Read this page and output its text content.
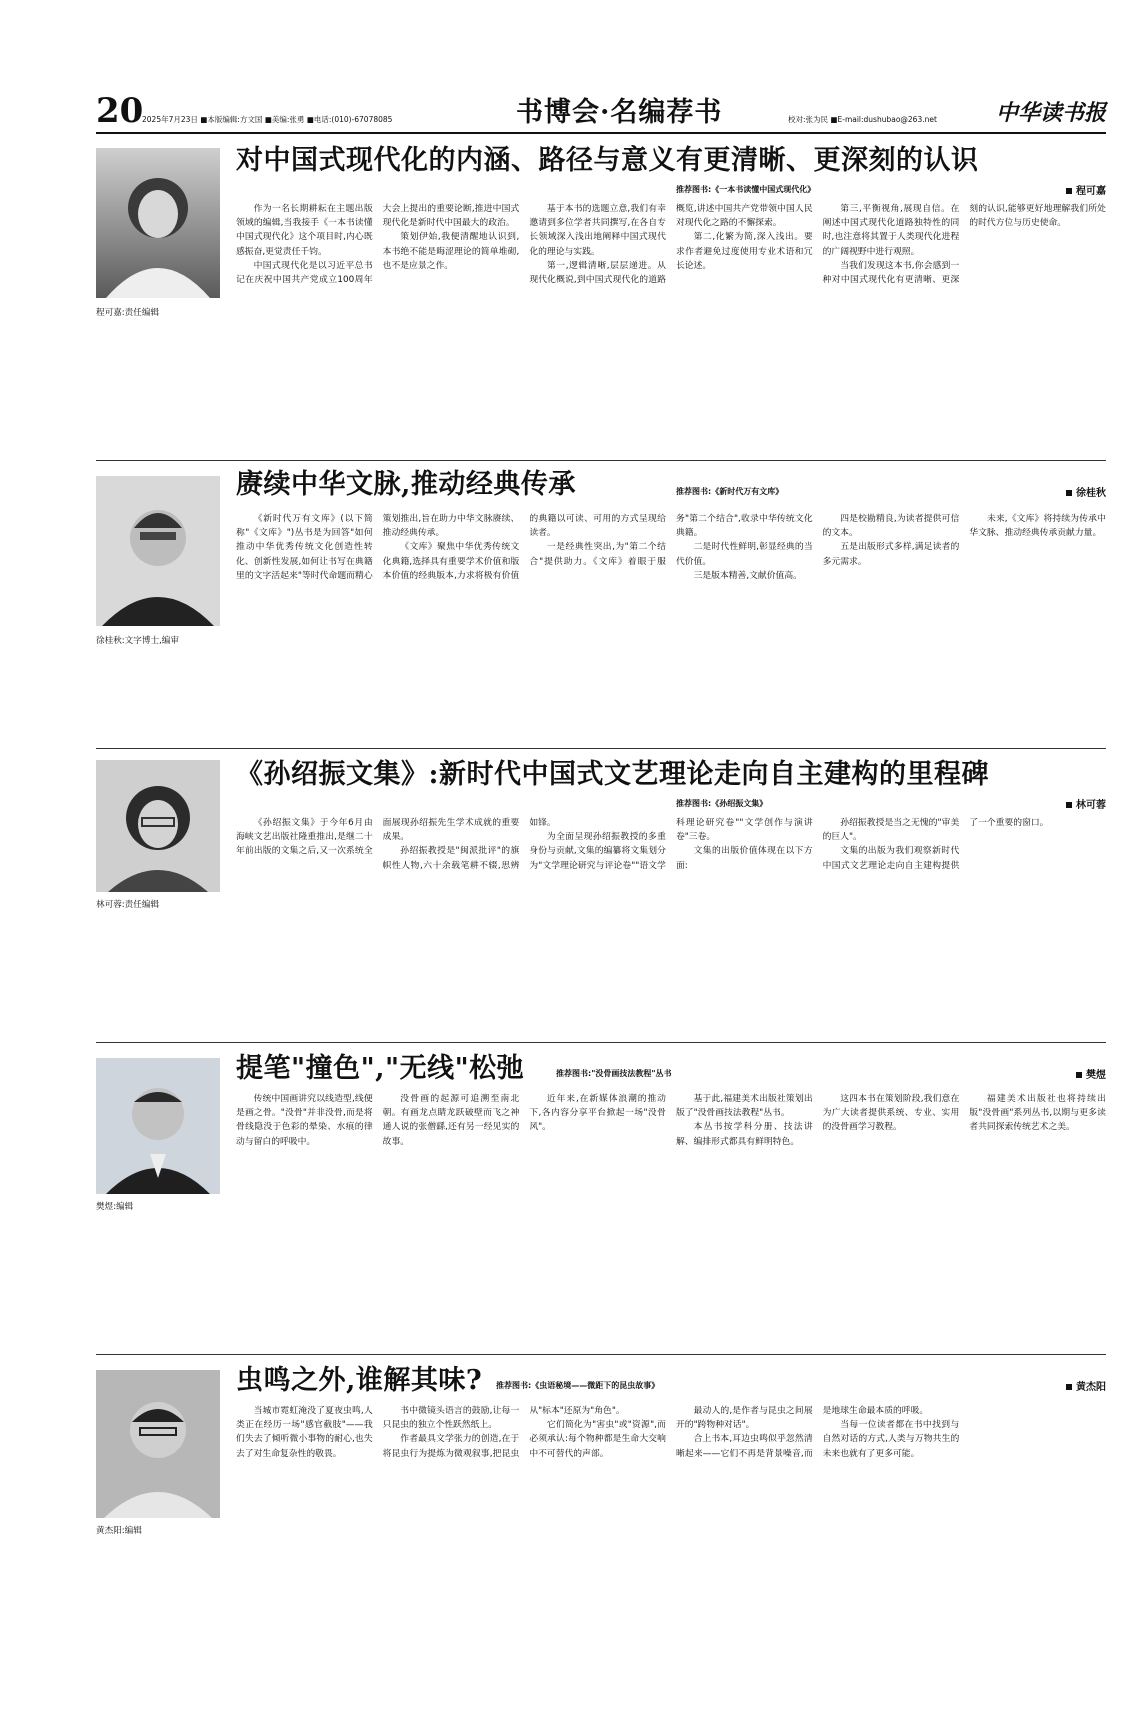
20
2025年7月23日 ■本版编辑:方文国 ■美编:张勇 ■电话:(010)-67078085	书博会·名编荐书	校对:张为民 ■E-mail:dushubao@263.net	中华读书报
程可嘉:责任编辑
对中国式现代化的内涵、路径与意义有更清晰、更深刻的认识
推荐图书:《一本书读懂中国式现代化》	程可嘉

作为一名长期耕耘在主题出版领域的编辑,当我接手《一本书读懂中国式现代化》这个项目时,内心既感振奋,更觉责任千钧。

中国式现代化是以习近平总书记在庆祝中国共产党成立100周年大会上提出的重要论断,推进中国式现代化是新时代中国最大的政治。

策划伊始,我便清醒地认识到,本书绝不能是晦涩理论的简单堆砌,也不是应景之作。

基于本书的选题立意,我们有幸邀请到多位学者共同撰写,在各自专长领域深入浅出地阐释中国式现代化的理论与实践。

第一,逻辑清晰,层层递进。从现代化概说,到中国式现代化的道路概览,讲述中国共产党带领中国人民对现代化之路的不懈探索。

第二,化繁为简,深入浅出。要求作者避免过度使用专业术语和冗长论述。

第三,平衡视角,展现自信。在阐述中国式现代化道路独特性的同时,也注意将其置于人类现代化进程的广阔视野中进行观照。

当我们发现这本书,你会感到一种对中国式现代化有更清晰、更深刻的认识,能够更好地理解我们所处的时代方位与历史使命。

徐桂秋:文字博士,编审
赓续中华文脉,推动经典传承	推荐图书:《新时代万有文库》	徐桂秋

《新时代万有文库》(以下简称"《文库》")丛书是为回答"如何推动中华优秀传统文化创造性转化、创新性发展,如何让书写在典籍里的文字活起来"等时代命题而精心策划推出,旨在助力中华文脉赓续、推动经典传承。

《文库》聚焦中华优秀传统文化典籍,选择具有重要学术价值和版本价值的经典版本,力求将极有价值的典籍以可读、可用的方式呈现给读者。

一是经典性突出,为"第二个结合"提供助力。《文库》着眼于服务"第二个结合",收录中华传统文化典籍。

二是时代性鲜明,彰显经典的当代价值。

三是版本精善,文献价值高。

四是校勘精良,为读者提供可信的文本。

五是出版形式多样,满足读者的多元需求。

未来,《文库》将持续为传承中华文脉、推动经典传承贡献力量。

林可蓉:责任编辑
《孙绍振文集》:新时代中国式文艺理论走向自主建构的里程碑
推荐图书:《孙绍振文集》	林可蓉

《孙绍振文集》于今年6月由海峡文艺出版社隆重推出,是继二十年前出版的文集之后,又一次系统全面展现孙绍振先生学术成就的重要成果。

孙绍振教授是"闽派批评"的旗帜性人物,六十余载笔耕不辍,思辨如锋。

为全面呈现孙绍振教授的多重身份与贡献,文集的编纂将文集划分为"文学理论研究与评论卷""语文学科理论研究卷""文学创作与演讲卷"三卷。

文集的出版价值体现在以下方面:

孙绍振教授是当之无愧的"审美的巨人"。

文集的出版为我们观察新时代中国式文艺理论走向自主建构提供了一个重要的窗口。

樊煜:编辑
提笔"撞色","无线"松弛	推荐图书:"没骨画技法教程"丛书	樊煜

传统中国画讲究以线造型,线便是画之骨。"没骨"并非没骨,而是将骨线隐没于色彩的晕染、水痕的律动与留白的呼吸中。

没骨画的起源可追溯至南北朝。有画龙点睛龙跃破壁而飞之神通人说的张僧繇,还有另一经见实的故事。

近年来,在新媒体浪潮的推动下,各内容分享平台掀起一场"没骨风"。

基于此,福建美术出版社策划出版了"没骨画技法教程"丛书。

本丛书按学科分册、技法讲解、编排形式都具有鲜明特色。

这四本书在策划阶段,我们意在为广大读者提供系统、专业、实用的没骨画学习教程。

福建美术出版社也将持续出版"没骨画"系列丛书,以期与更多读者共同探索传统艺术之美。

黄杰阳:编辑
虫鸣之外,谁解其味? 推荐图书:《虫语秘境——微距下的昆虫故事》	黄杰阳

当城市霓虹淹没了夏夜虫鸣,人类正在经历一场"感官截肢"——我们失去了倾听微小事物的耐心,也失去了对生命复杂性的敬畏。

书中微镜头语言的鼓励,让每一只昆虫的独立个性跃然纸上。

作者最具文学张力的创造,在于将昆虫行为提炼为微观叙事,把昆虫从"标本"还原为"角色"。

它们简化为"害虫"或"资源",而必须承认:每个物种都是生命大交响中不可替代的声部。

最动人的,是作者与昆虫之间展开的"跨物种对话"。

合上书本,耳边虫鸣似乎忽然清晰起来——它们不再是背景噪音,而是地球生命最本质的呼吸。

当每一位读者都在书中找到与自然对话的方式,人类与万物共生的未来也就有了更多可能。
